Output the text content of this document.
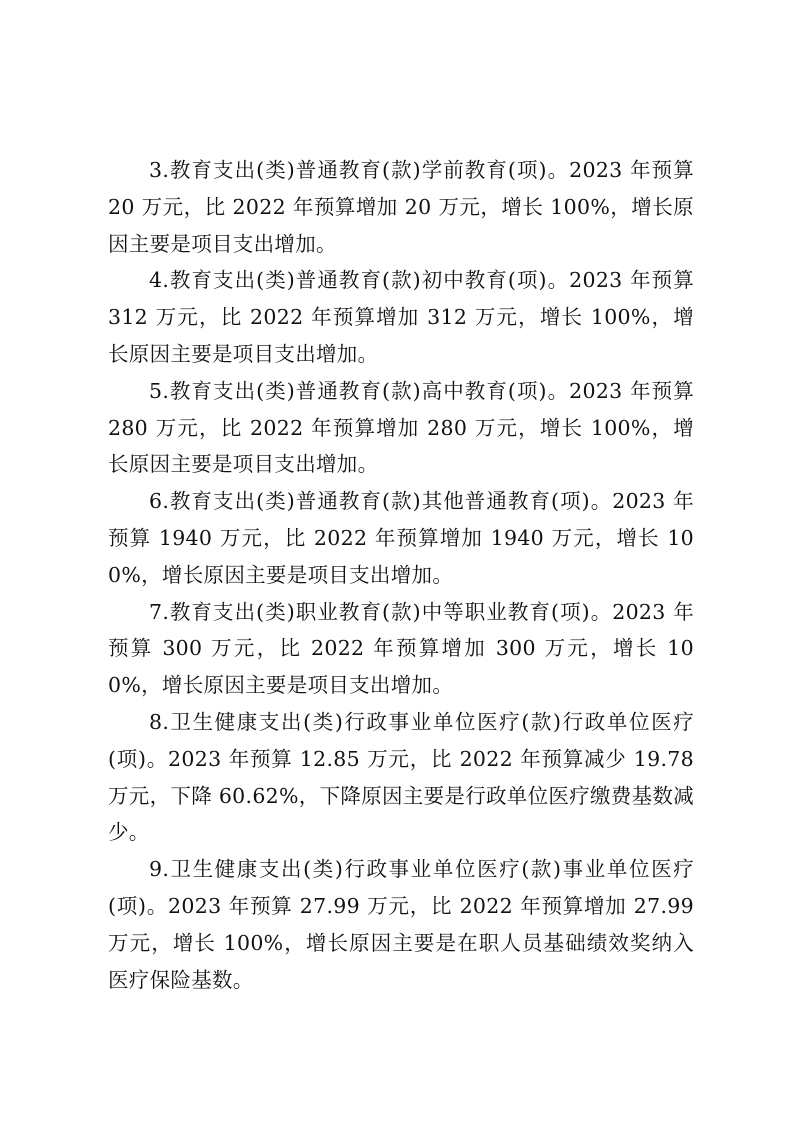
3.教育支出(类)普通教育(款)学前教育(项)。2023 年预算 20 万元，比 2022 年预算增加 20 万元，增长 100%，增长原因主要是项目支出增加。

4.教育支出(类)普通教育(款)初中教育(项)。2023 年预算 312 万元，比 2022 年预算增加 312 万元，增长 100%，增长原因主要是项目支出增加。

5.教育支出(类)普通教育(款)高中教育(项)。2023 年预算 280 万元，比 2022 年预算增加 280 万元，增长 100%，增长原因主要是项目支出增加。

6.教育支出(类)普通教育(款)其他普通教育(项)。2023 年预算 1940 万元，比 2022 年预算增加 1940 万元，增长 100%，增长原因主要是项目支出增加。

7.教育支出(类)职业教育(款)中等职业教育(项)。2023 年预算 300 万元，比 2022 年预算增加 300 万元，增长 100%，增长原因主要是项目支出增加。

8.卫生健康支出(类)行政事业单位医疗(款)行政单位医疗(项)。2023 年预算 12.85 万元，比 2022 年预算减少 19.78 万元，下降 60.62%，下降原因主要是行政单位医疗缴费基数减少。

9.卫生健康支出(类)行政事业单位医疗(款)事业单位医疗(项)。2023 年预算 27.99 万元，比 2022 年预算增加 27.99 万元，增长 100%，增长原因主要是在职人员基础绩效奖纳入医疗保险基数。
